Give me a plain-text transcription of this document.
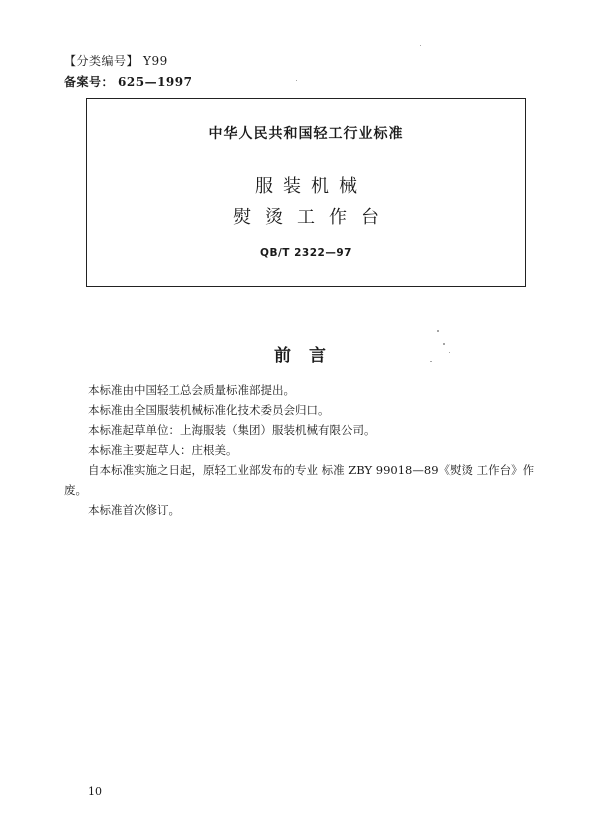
【分类编号】 Y99
备案号： 625—1997
中华人民共和国轻工行业标准
服装机械
熨烫工作台
QB/T 2322—97
前言

本标准由中国轻工总会质量标准部提出。

本标准由全国服装机械标准化技术委员会归口。

本标准起草单位：上海服装（集团）服装机械有限公司。

本标准主要起草人：庄根美。

自本标准实施之日起，原轻工业部发布的专业 标准 ZBY 99018—89《熨烫 工作台》作废。

本标准首次修订。

10
